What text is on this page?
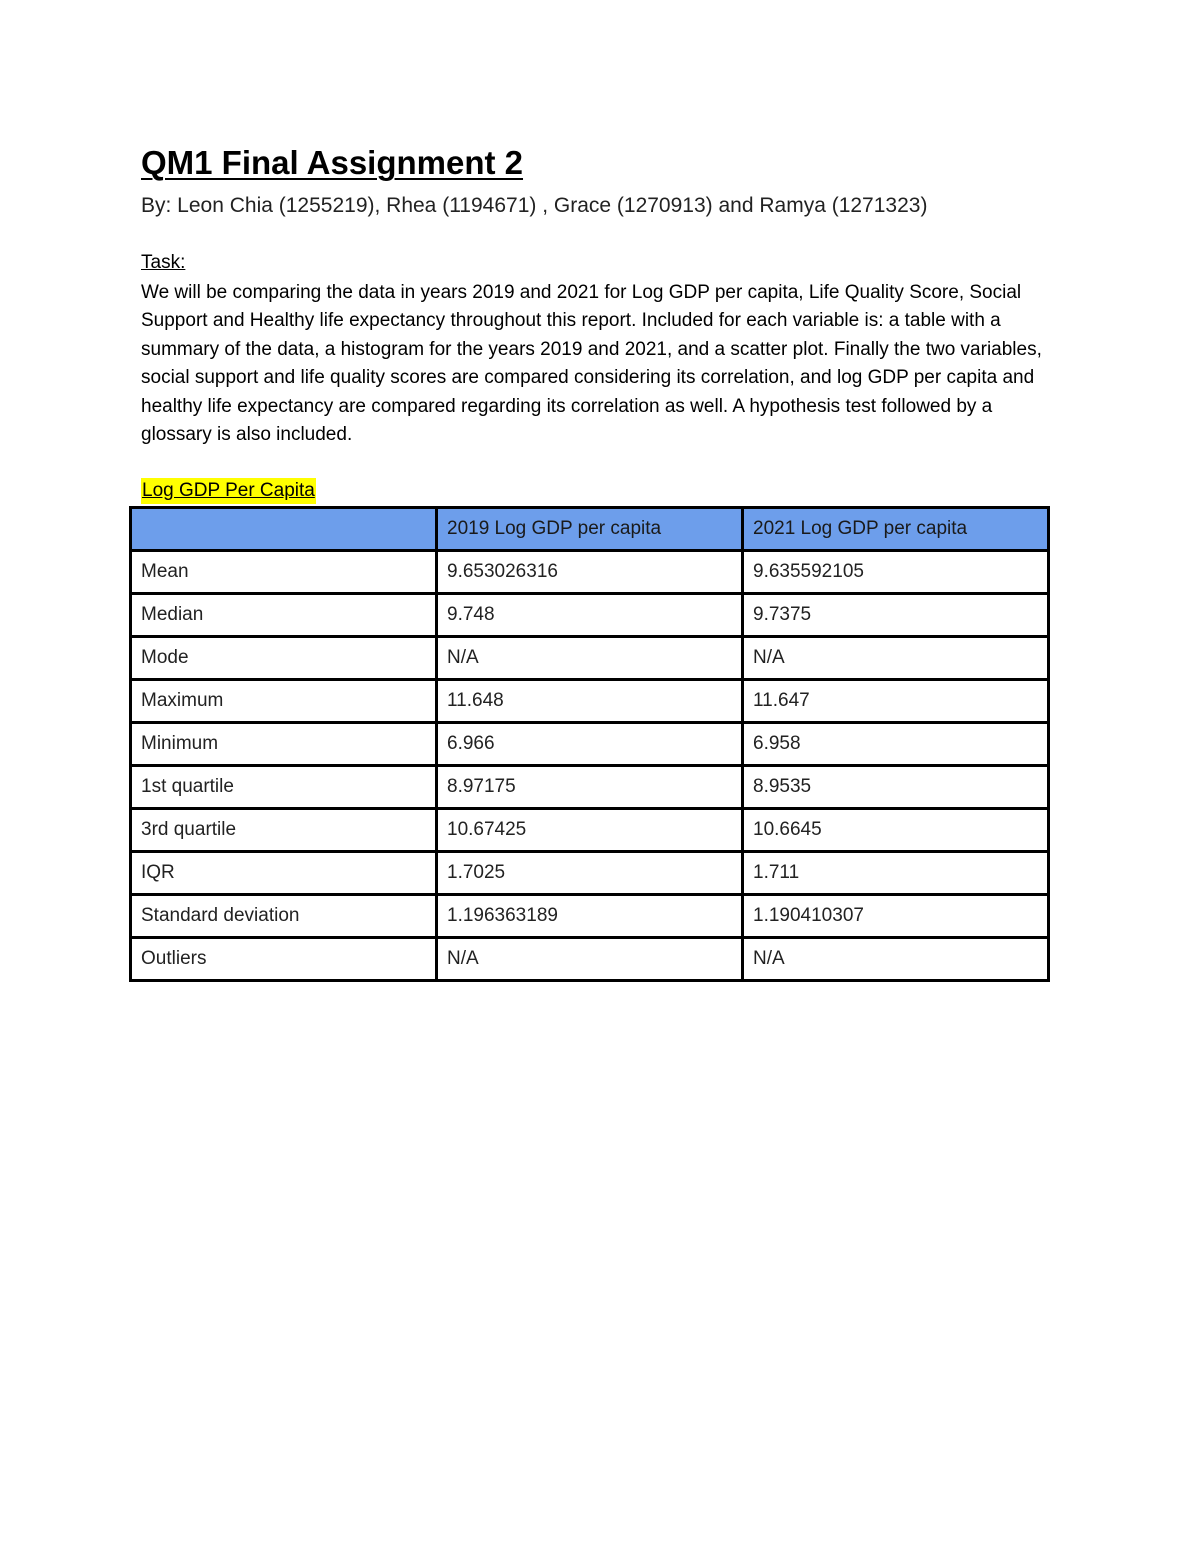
QM1 Final Assignment 2

By: Leon Chia (1255219), Rhea (1194671) , Grace (1270913) and Ramya (1271323)

Task:

We will be comparing the data in years 2019 and 2021 for Log GDP per capita, Life Quality Score, Social Support and Healthy life expectancy throughout this report. Included for each variable is: a table with a summary of the data, a histogram for the years 2019 and 2021, and a scatter plot. Finally the two variables, social support and life quality scores are compared considering its correlation, and log GDP per capita and healthy life expectancy are compared regarding its correlation as well. A hypothesis test followed by a glossary is also included.

Log GDP Per Capita

	2019 Log GDP per capita	2021 Log GDP per capita
Mean	9.653026316	9.635592105
Median	9.748	9.7375
Mode	N/A	N/A
Maximum	11.648	11.647
Minimum	6.966	6.958
1st quartile	8.97175	8.9535
3rd quartile	10.67425	10.6645
IQR	1.7025	1.711
Standard deviation	1.196363189	1.190410307
Outliers	N/A	N/A
